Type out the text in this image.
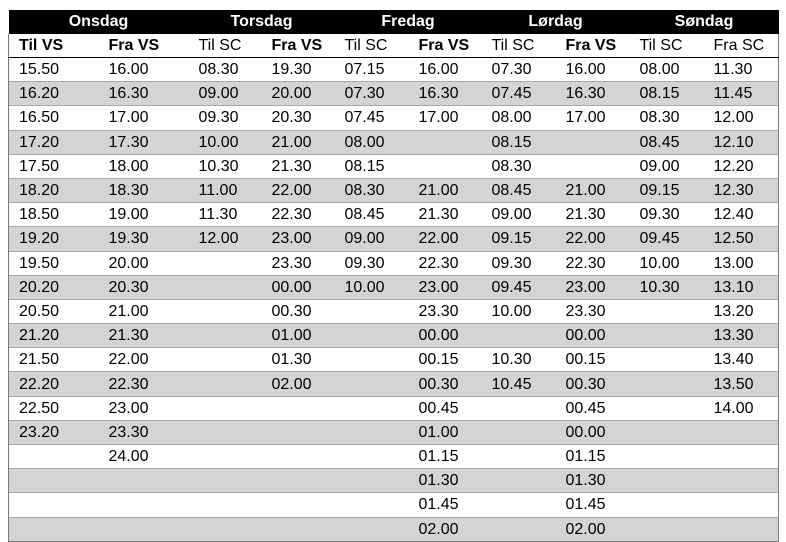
Onsdag		Torsdag		Fredag		Lørdag		Søndag	
Til VS	Fra VS	Til SC	Fra VS	Til SC	Fra VS	Til SC	Fra VS	Til SC	Fra SC
15.50	16.00	08.30	19.30	07.15	16.00	07.30	16.00	08.00	11.30
16.20	16.30	09.00	20.00	07.30	16.30	07.45	16.30	08.15	11.45
16.50	17.00	09.30	20.30	07.45	17.00	08.00	17.00	08.30	12.00
17.20	17.30	10.00	21.00	08.00		08.15		08.45	12.10
17.50	18.00	10.30	21.30	08.15		08.30		09.00	12.20
18.20	18.30	11.00	22.00	08.30	21.00	08.45	21.00	09.15	12.30
18.50	19.00	11.30	22.30	08.45	21.30	09.00	21.30	09.30	12.40
19.20	19.30	12.00	23.00	09.00	22.00	09.15	22.00	09.45	12.50
19.50	20.00		23.30	09.30	22.30	09.30	22.30	10.00	13.00
20.20	20.30		00.00	10.00	23.00	09.45	23.00	10.30	13.10
20.50	21.00		00.30		23.30	10.00	23.30		13.20
21.20	21.30		01.00		00.00		00.00		13.30
21.50	22.00		01.30		00.15	10.30	00.15		13.40
22.20	22.30		02.00		00.30	10.45	00.30		13.50
22.50	23.00				00.45		00.45		14.00
23.20	23.30				01.00		00.00		
	24.00				01.15		01.15		
					01.30		01.30		
					01.45		01.45		
					02.00		02.00		
